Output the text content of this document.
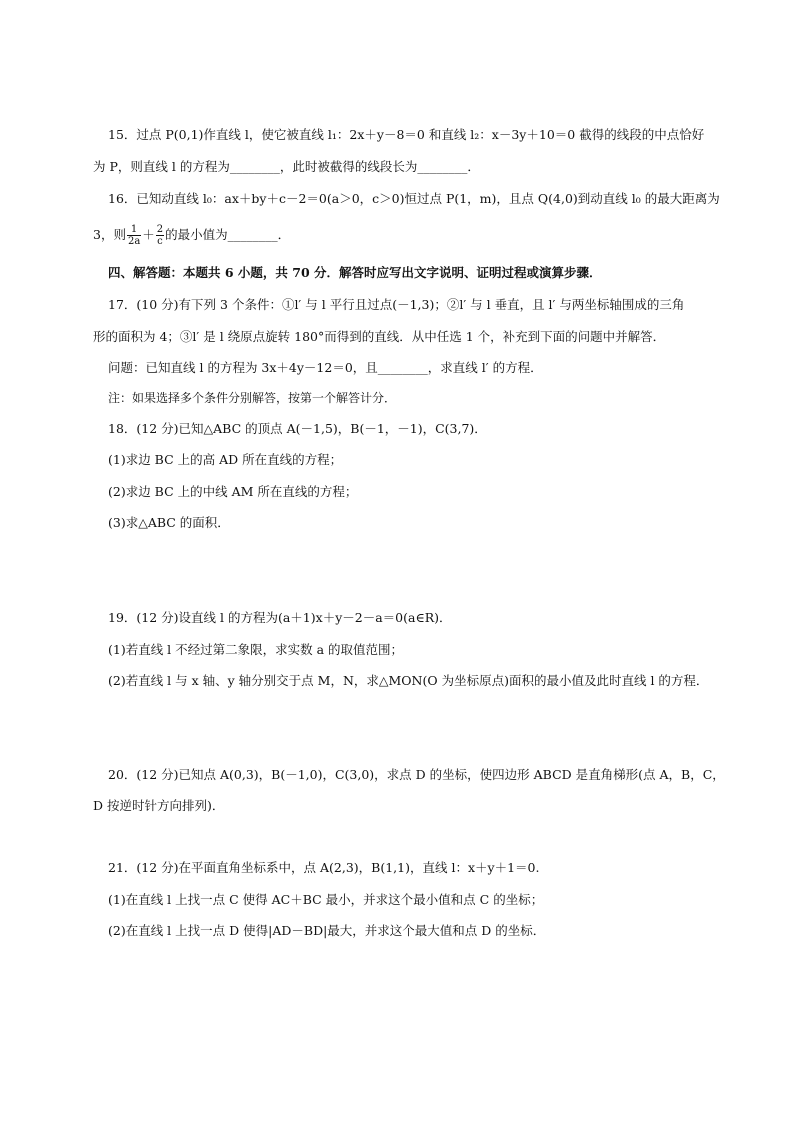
15．过点 P(0,1)作直线 l，使它被直线 l₁：2x＋y－8＝0 和直线 l₂：x－3y＋10＝0 截得的线段的中点恰好
为 P，则直线 l 的方程为________，此时被截得的线段长为________．
16．已知动直线 l₀：ax＋by＋c－2＝0(a＞0，c＞0)恒过点 P(1，m)，且点 Q(4,0)到动直线 l₀ 的最大距离为
3，则 $\frac{1}{2a} + \frac{2}{c}$ 的最小值为________．
四、解答题：本题共 6 小题，共 70 分．解答时应写出文字说明、证明过程或演算步骤．
17．(10 分)有下列 3 个条件：①l′ 与 l 平行且过点(－1,3)；②l′ 与 l 垂直，且 l′ 与两坐标轴围成的三角
形的面积为 4；③l′ 是 l 绕原点旋转 180°而得到的直线．从中任选 1 个，补充到下面的问题中并解答．
问题：已知直线 l 的方程为 3x＋4y－12＝0，且________，求直线 l′ 的方程．
注：如果选择多个条件分别解答，按第一个解答计分．
18．(12 分)已知△ABC 的顶点 A(－1,5)，B(－1，－1)，C(3,7)．
(1)求边 BC 上的高 AD 所在直线的方程；
(2)求边 BC 上的中线 AM 所在直线的方程；
(3)求△ABC 的面积．
19．(12 分)设直线 l 的方程为(a＋1)x＋y－2－a＝0(a∈R)．
(1)若直线 l 不经过第二象限，求实数 a 的取值范围；
(2)若直线 l 与 x 轴、y 轴分别交于点 M，N，求△MON(O 为坐标原点)面积的最小值及此时直线 l 的方程．
20．(12 分)已知点 A(0,3)，B(－1,0)，C(3,0)，求点 D 的坐标，使四边形 ABCD 是直角梯形(点 A，B，C，
D 按逆时针方向排列)．
21．(12 分)在平面直角坐标系中，点 A(2,3)，B(1,1)，直线 l：x＋y＋1＝0.
(1)在直线 l 上找一点 C 使得 AC＋BC 最小，并求这个最小值和点 C 的坐标；
(2)在直线 l 上找一点 D 使得|AD－BD|最大，并求这个最大值和点 D 的坐标．
